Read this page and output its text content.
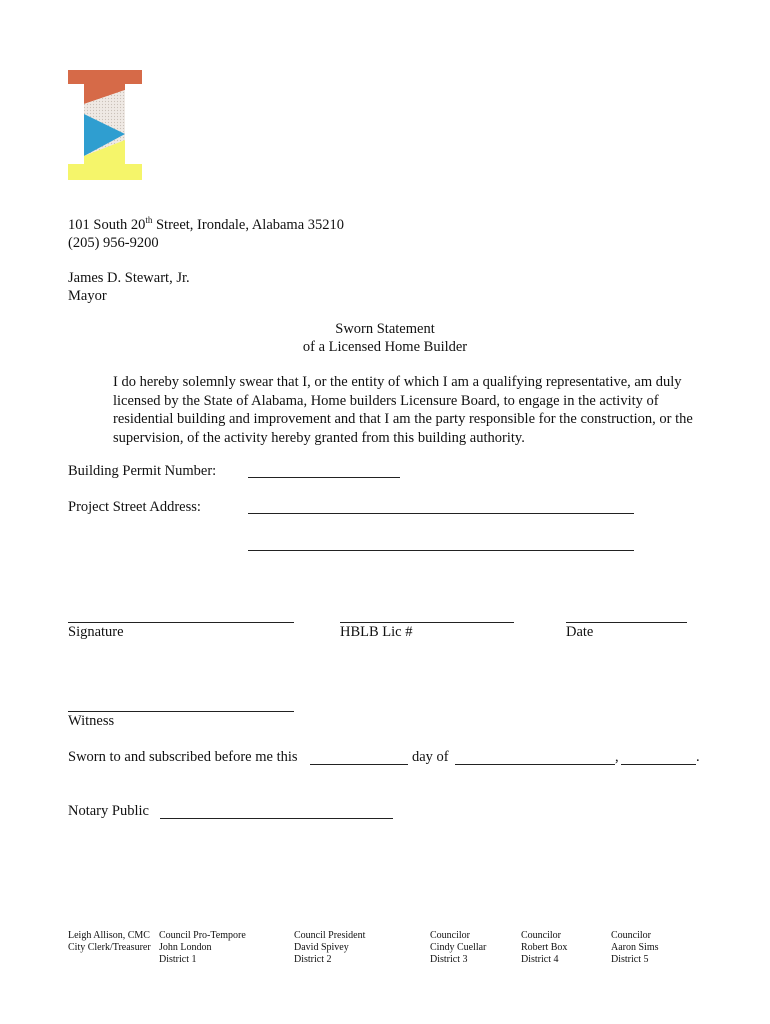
101 South 20th Street, Irondale, Alabama 35210
(205) 956-9200
James D. Stewart, Jr.
Mayor
Sworn Statement
of a Licensed Home Builder
I do hereby solemnly swear that I, or the entity of which I am a qualifying representative, am duly licensed by the State of Alabama, Home builders Licensure Board, to engage in the activity of residential building and improvement and that I am the party responsible for the construction, or the supervision, of the activity hereby granted from this building authority.
Building Permit Number:
Project Street Address:
Signature	HBLB Lic #	Date
Witness
Sworn to and subscribed before me this	day of	,	.
Notary Public
Leigh Allison, CMC
City Clerk/Treasurer
Council Pro-Tempore
John London
District 1
Council President
David Spivey
District 2
Councilor
Cindy Cuellar
District 3
Councilor
Robert Box
District 4
Councilor
Aaron Sims
District 5
